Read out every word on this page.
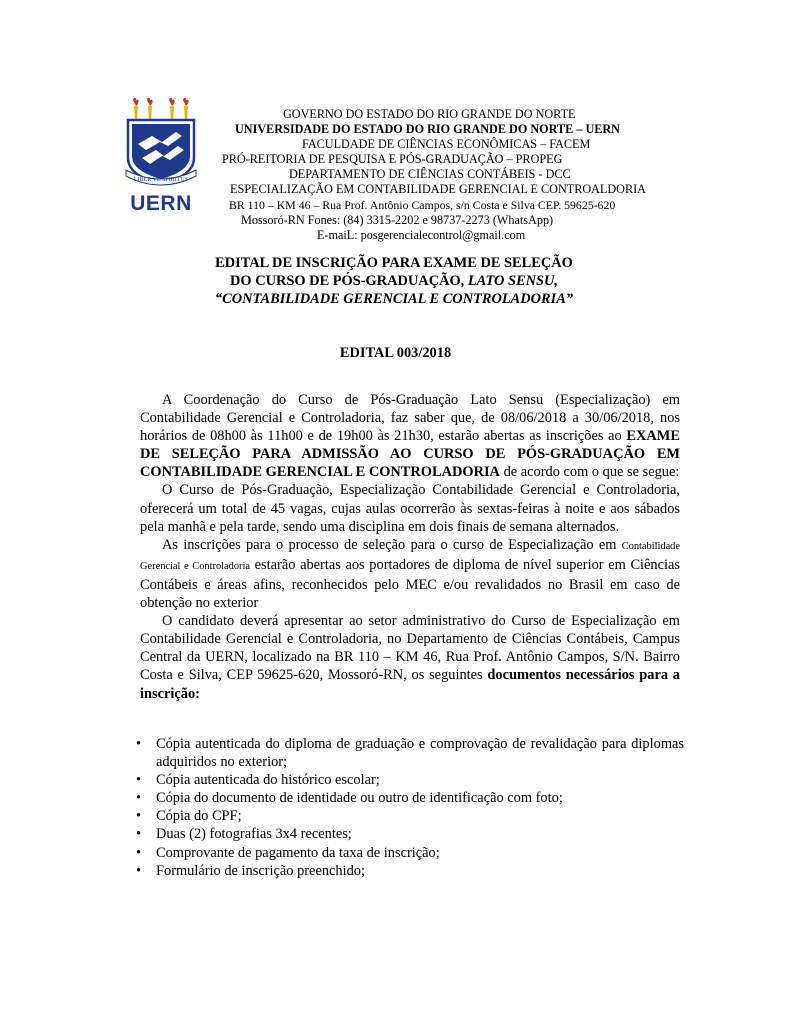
LIBER VE SPIRITUS
UERN
GOVERNO DO ESTADO DO RIO GRANDE DO NORTE
UNIVERSIDADE DO ESTADO DO RIO GRANDE DO NORTE – UERN
FACULDADE DE CIÊNCIAS ECONÔMICAS – FACEM
PRÓ-REITORIA DE PESQUISA E PÓS-GRADUAÇÃO – PROPEG
DEPARTAMENTO DE CIÊNCIAS CONTÁBEIS - DCC
ESPECIALIZAÇÃO EM CONTABILIDADE GERENCIAL E CONTROALDORIA
BR 110 – KM 46 – Rua Prof. Antônio Campos, s/n Costa e Silva CEP. 59625-620
Mossoró-RN Fones: (84) 3315-2202 e 98737-2273 (WhatsApp)
E-maiL: posgerencialecontrol@gmail.com
EDITAL DE INSCRIÇÃO PARA EXAME DE SELEÇÃO
DO CURSO DE PÓS-GRADUAÇÃO, LATO SENSU,
“CONTABILIDADE GERENCIAL E CONTROLADORIA”
EDITAL 003/2018

A Coordenação do Curso de Pós-Graduação Lato Sensu (Especialização) em Contabilidade Gerencial e Controladoria, faz saber que, de 08/06/2018 a 30/06/2018, nos horários de 08h00 às 11h00 e de 19h00 às 21h30, estarão abertas as inscrições ao EXAME DE SELEÇÃO PARA ADMISSÃO AO CURSO DE PÓS-GRADUAÇÃO EM CONTABILIDADE GERENCIAL E CONTROLADORIA de acordo com o que se segue:

O Curso de Pós-Graduação, Especialização Contabilidade Gerencial e Controladoria, oferecerá um total de 45 vagas, cujas aulas ocorrerão às sextas-feiras à noite e aos sábados pela manhã e pela tarde, sendo uma disciplina em dois finais de semana alternados.

As inscrições para o processo de seleção para o curso de Especialização em Contabilidade Gerencial e Controladoria estarão abertas aos portadores de diploma de nível superior em Ciências Contábeis e áreas afins, reconhecidos pelo MEC e/ou revalidados no Brasil em caso de obtenção no exterior

O candidato deverá apresentar ao setor administrativo do Curso de Especialização em Contabilidade Gerencial e Controladoria, no Departamento de Ciências Contábeis, Campus Central da UERN, localizado na BR 110 – KM 46, Rua Prof. Antônio Campos, S/N. Bairro Costa e Silva, CEP 59625-620, Mossoró-RN, os seguintes documentos necessários para a inscrição:

• Cópia autenticada do diploma de graduação e comprovação de revalidação para diplomas adquiridos no exterior;
• Cópia autenticada do histórico escolar;
• Cópia do documento de identidade ou outro de identificação com foto;
• Cópia do CPF;
• Duas (2) fotografias 3x4 recentes;
• Comprovante de pagamento da taxa de inscrição;
• Formulário de inscrição preenchido;
